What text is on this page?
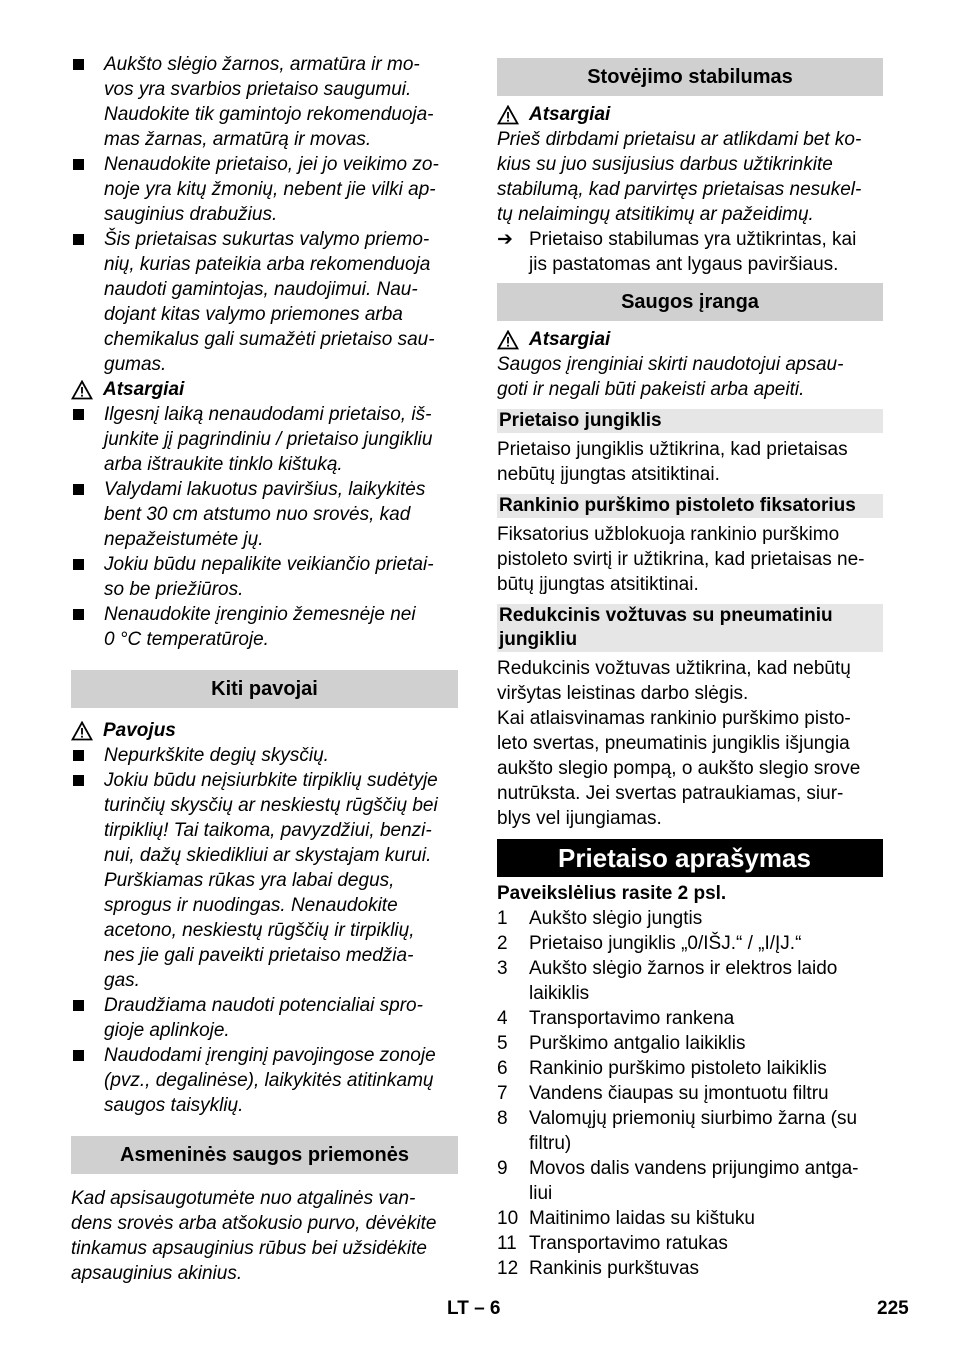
Aukšto slėgio žarnos, armatūra ir mo-
vos yra svarbios prietaiso saugumui.
Naudokite tik gamintojo rekomenduoja-
mas žarnas, armatūrą ir movas.
Nenaudokite prietaiso, jei jo veikimo zo-
noje yra kitų žmonių, nebent jie vilki ap-
sauginius drabužius.
Šis prietaisas sukurtas valymo priemo-
nių, kurias pateikia arba rekomenduoja
naudoti gamintojas, naudojimui. Nau-
dojant kitas valymo priemones arba
chemikalus gali sumažėti prietaiso sau-
gumas.
Atsargiai
Ilgesnį laiką nenaudodami prietaiso, iš-
junkite jį pagrindiniu / prietaiso jungikliu
arba ištraukite tinklo kištuką.
Valydami lakuotus paviršius, laikykitės
bent 30 cm atstumo nuo srovės, kad
nepažeistumėte jų.
Jokiu būdu nepalikite veikiančio prietai-
so be priežiūros.
Nenaudokite įrenginio žemesnėje nei
0 °C temperatūroje.
Kiti pavojai
Pavojus
Nepurkškite degių skysčių.
Jokiu būdu neįsiurbkite tirpiklių sudėtyje
turinčių skysčių ar neskiestų rūgščių bei
tirpiklių! Tai taikoma, pavyzdžiui, benzi-
nui, dažų skiedikliui ar skystajam kurui.
Purškiamas rūkas yra labai degus,
sprogus ir nuodingas. Nenaudokite
acetono, neskiestų rūgščių ir tirpiklių,
nes jie gali paveikti prietaiso medžia-
gas.
Draudžiama naudoti potencialiai spro-
gioje aplinkoje.
Naudodami įrenginį pavojingose zonoje
(pvz., degalinėse), laikykitės atitinkamų
saugos taisyklių.
Asmeninės saugos priemonės
Kad apsisaugotumėte nuo atgalinės van-
dens srovės arba atšokusio purvo, dėvėkite
tinkamus apsauginius rūbus bei užsidėkite
apsauginius akinius.
Stovėjimo stabilumas
Atsargiai
Prieš dirbdami prietaisu ar atlikdami bet ko-
kius su juo susijusius darbus užtikrinkite
stabilumą, kad parvirtęs prietaisas nesukel-
tų nelaimingų atsitikimų ar pažeidimų.
➔ Prietaiso stabilumas yra užtikrintas, kai
jis pastatomas ant lygaus paviršiaus.
Saugos įranga
Atsargiai
Saugos įrenginiai skirti naudotojui apsau-
goti ir negali būti pakeisti arba apeiti.
Prietaiso jungiklis
Prietaiso jungiklis užtikrina, kad prietaisas
nebūtų įjungtas atsitiktinai.
Rankinio purškimo pistoleto fiksatorius
Fiksatorius užblokuoja rankinio purškimo
pistoleto svirtį ir užtikrina, kad prietaisas ne-
būtų įjungtas atsitiktinai.
Redukcinis vožtuvas su pneumatiniu
jungikliu
Redukcinis vožtuvas užtikrina, kad nebūtų
viršytas leistinas darbo slėgis.
Kai atlaisvinamas rankinio purškimo pisto-
leto svertas, pneumatinis jungiklis išjungia
aukšto slegio pompą, o aukšto slegio srove
nutrūksta. Jei svertas patraukiamas, siur-
blys vel ijungiamas.
Prietaiso aprašymas
Paveikslėlius rasite 2 psl.
1 Aukšto slėgio jungtis
2 Prietaiso jungiklis „0/IŠJ.“ / „I/ĮJ.“
3 Aukšto slėgio žarnos ir elektros laido
laikiklis
4 Transportavimo rankena
5 Purškimo antgalio laikiklis
6 Rankinio purškimo pistoleto laikiklis
7 Vandens čiaupas su įmontuotu filtru
8 Valomųjų priemonių siurbimo žarna (su
filtru)
9 Movos dalis vandens prijungimo antga-
liui
10 Maitinimo laidas su kištuku
11 Transportavimo ratukas
12 Rankinis purkštuvas
LT – 6	225
